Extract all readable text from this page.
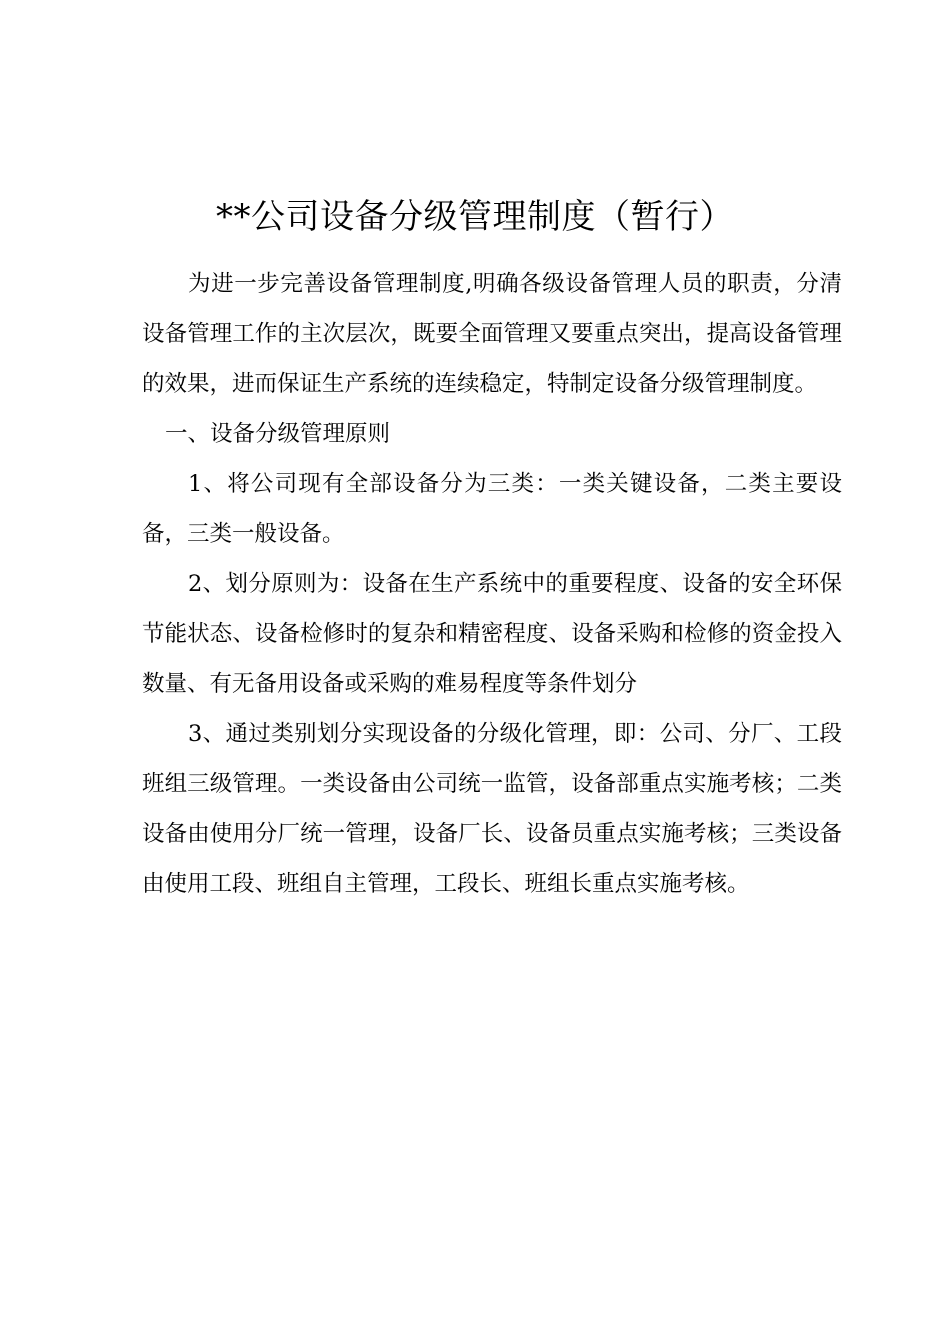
**公司设备分级管理制度（暂行）

为进一步完善设备管理制度,明确各级设备管理人员的职责，分清设备管理工作的主次层次，既要全面管理又要重点突出，提高设备管理的效果，进而保证生产系统的连续稳定，特制定设备分级管理制度。

一、设备分级管理原则

1、将公司现有全部设备分为三类：一类关键设备，二类主要设备，三类一般设备。

2、划分原则为：设备在生产系统中的重要程度、设备的安全环保节能状态、设备检修时的复杂和精密程度、设备采购和检修的资金投入数量、有无备用设备或采购的难易程度等条件划分

3、通过类别划分实现设备的分级化管理，即：公司、分厂、工段班组三级管理。一类设备由公司统一监管，设备部重点实施考核；二类设备由使用分厂统一管理，设备厂长、设备员重点实施考核；三类设备由使用工段、班组自主管理，工段长、班组长重点实施考核。
